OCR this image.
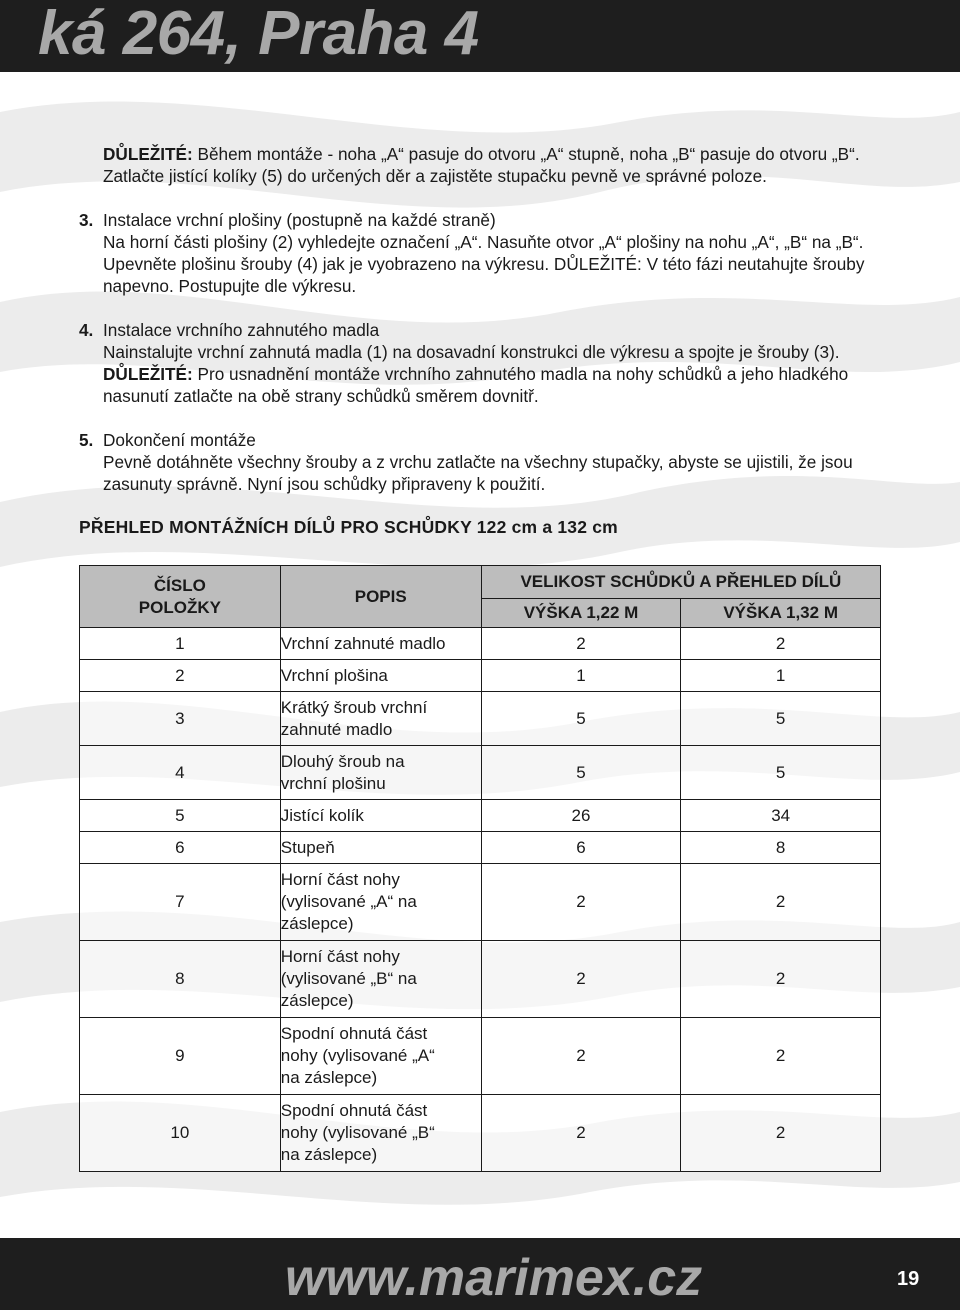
ká 264, Praha 4
DŮLEŽITÉ: Během montáže - noha „A“ pasuje do otvoru „A“ stupně, noha „B“ pasuje do otvoru „B“. Zatlačte jistící kolíky (5) do určených děr a zajistěte stupačku pevně ve správné poloze.
3. Instalace vrchní plošiny (postupně na každé straně)
Na horní části plošiny (2) vyhledejte označení „A“. Nasuňte otvor „A“ plošiny na nohu „A“, „B“ na „B“. Upevněte plošinu šrouby (4) jak je vyobrazeno na výkresu. DŮLEŽITÉ: V této fázi neutahujte šrouby napevno. Postupujte dle výkresu.
4. Instalace vrchního zahnutého madla
Nainstalujte vrchní zahnutá madla (1) na dosavadní konstrukci dle výkresu a spojte je šrouby (3).
DŮLEŽITÉ: Pro usnadnění montáže vrchního zahnutého madla na nohy schůdků a jeho hladkého nasunutí zatlačte na obě strany schůdků směrem dovnitř.
5. Dokončení montáže
Pevně dotáhněte všechny šrouby a z vrchu zatlačte na všechny stupačky, abyste se ujistili, že jsou zasunuty správně. Nyní jsou schůdky připraveny k použití.
PŘEHLED MONTÁŽNÍCH DÍLŮ PRO SCHŮDKY 122 cm a 132 cm
ČÍSLO POLOŽKY	POPIS	VELIKOST SCHŮDKŮ A PŘEHLED DÍLŮ	
		VÝŠKA 1,22 M	VÝŠKA 1,32 M
1	Vrchní zahnuté madlo	2	2
2	Vrchní plošina	1	1
3	Krátký šroub vrchní zahnuté madlo	5	5
4	Dlouhý šroub na vrchní plošinu	5	5
5	Jistící kolík	26	34
6	Stupeň	6	8
7	Horní část nohy (vylisované „A“ na záslepce)	2	2
8	Horní část nohy (vylisované „B“ na záslepce)	2	2
9	Spodní ohnutá část nohy (vylisované „A“ na záslepce)	2	2
10	Spodní ohnutá část nohy (vylisované „B“ na záslepce)	2	2
www.marimex.cz	19
